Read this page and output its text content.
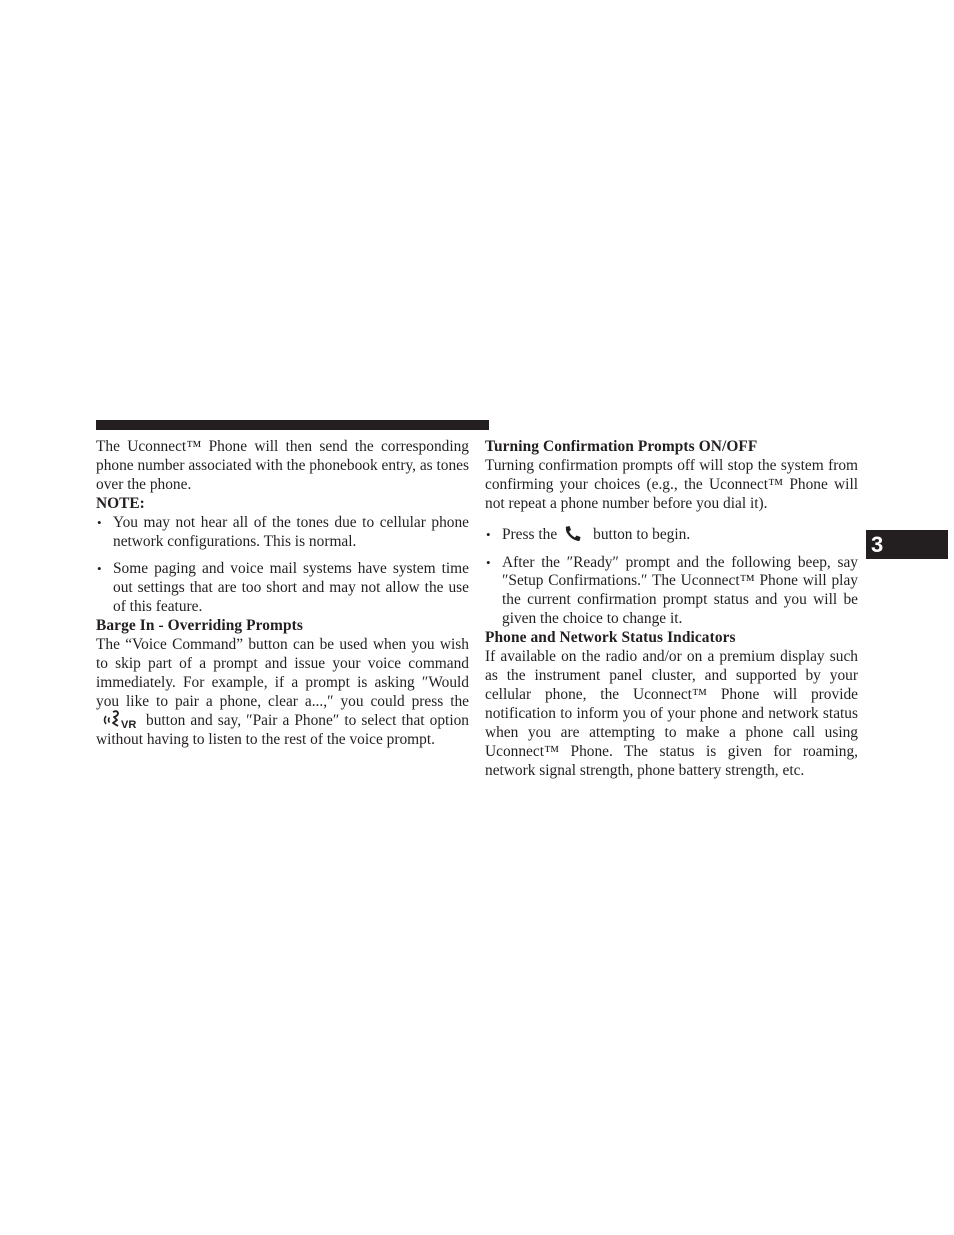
3

The Uconnect™ Phone will then send the corresponding phone number associated with the phonebook entry, as tones over the phone.

NOTE:

• You may not hear all of the tones due to cellular phone network configurations. This is normal.
• Some paging and voice mail systems have system time out settings that are too short and may not allow the use of this feature.

Barge In - Overriding Prompts

The “Voice Command” button can be used when you wish to skip part of a prompt and issue your voice command immediately. For example, if a prompt is asking ″Would you like to pair a phone, clear a...,″ you could press the
VR button and say, ″Pair a Phone″ to select that option without having to listen to the rest of the voice prompt.

Turning Confirmation Prompts ON/OFF

Turning confirmation prompts off will stop the system from confirming your choices (e.g., the Uconnect™ Phone will not repeat a phone number before you dial it).

• Press the button to begin.
• After the ″Ready″ prompt and the following beep, say ″Setup Confirmations.″ The Uconnect™ Phone will play the current confirmation prompt status and you will be given the choice to change it.

Phone and Network Status Indicators

If available on the radio and/or on a premium display such as the instrument panel cluster, and supported by your cellular phone, the Uconnect™ Phone will provide notification to inform you of your phone and network status when you are attempting to make a phone call using Uconnect™ Phone. The status is given for roaming, network signal strength, phone battery strength, etc.
